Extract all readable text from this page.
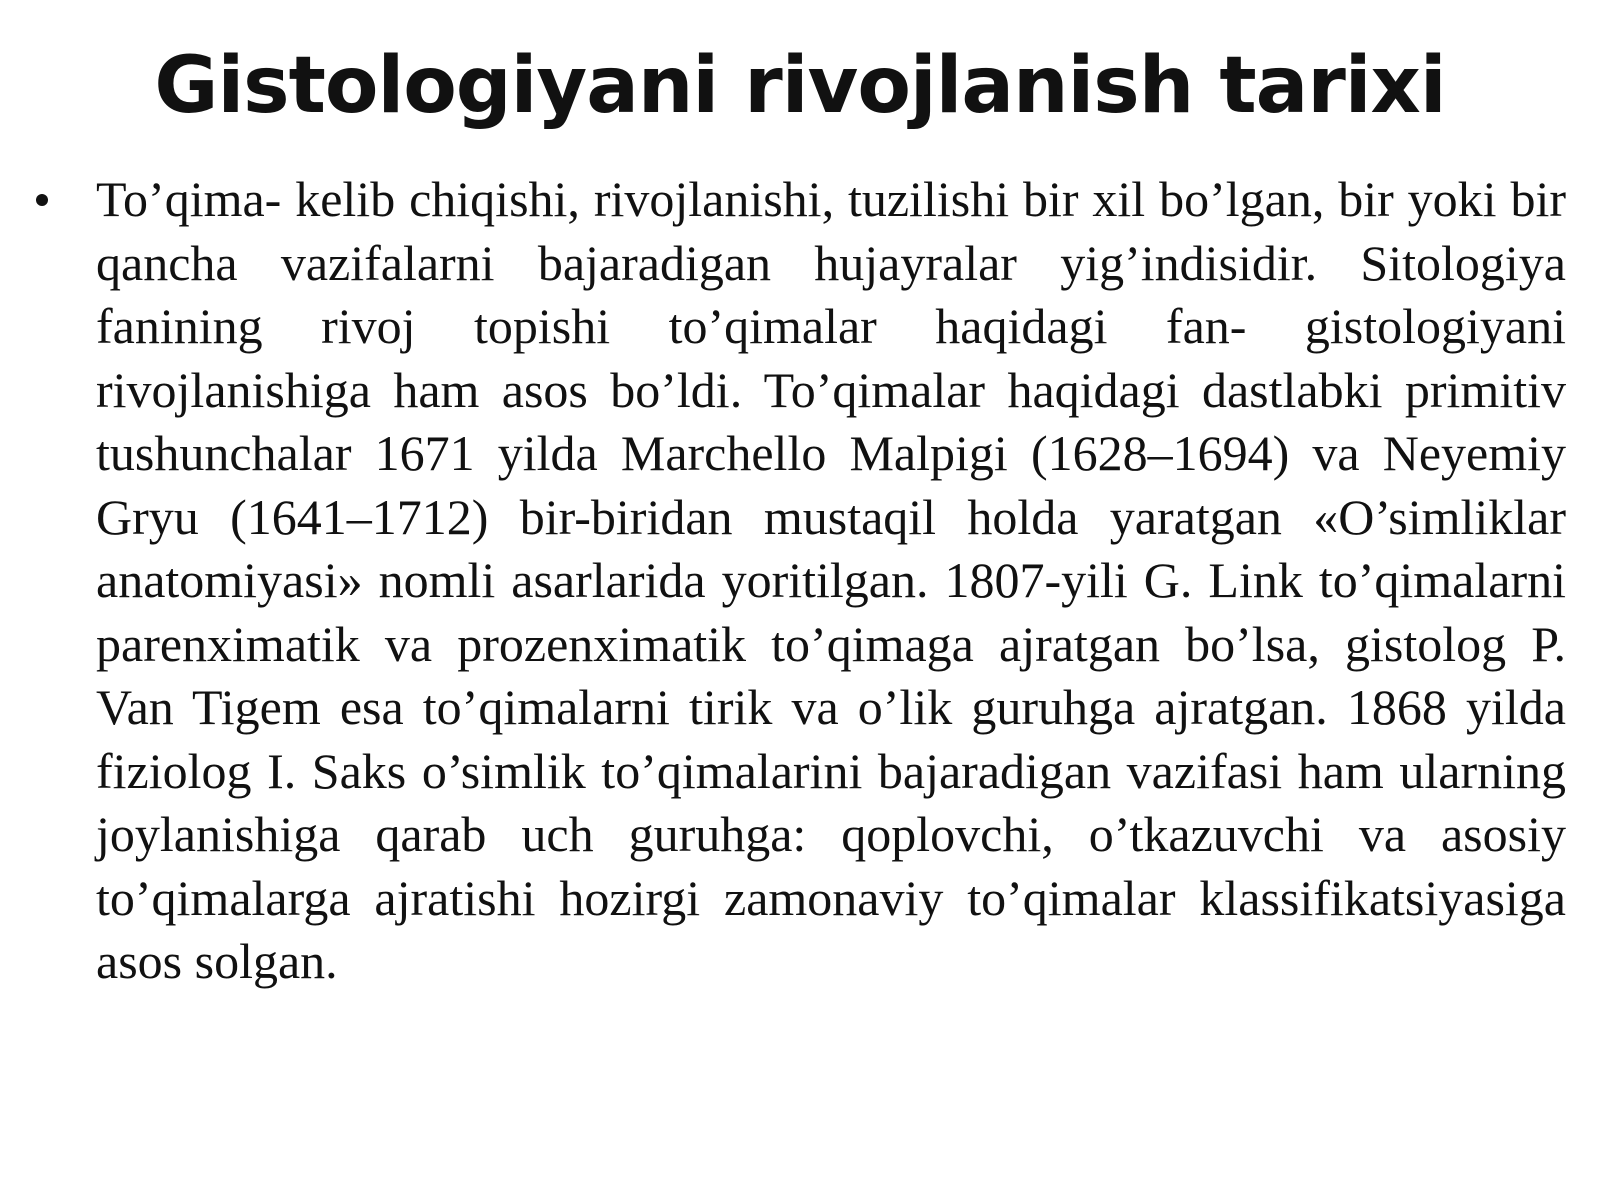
Gistologiyani rivojlanish tarixi
To’qima- kelib chiqishi, rivojlanishi, tuzilishi bir xil bo’lgan, bir yoki bir qancha vazifalarni bajaradigan hujayralar yig’indisidir. Sitologiya fanining rivoj topishi to’qimalar haqidagi fan- gistologiyani rivojlanishiga ham asos bo’ldi. To’qimalar haqidagi dastlabki primitiv tushunchalar 1671 yilda Marchello Malpigi (1628–1694) va Neyemiy Gryu (1641–1712) bir-biridan mustaqil holda yaratgan «O’simliklar anatomiyasi» nomli asarlarida yoritilgan. 1807-yili G. Link to’qimalarni parenximatik va prozenximatik to’qimaga ajratgan bo’lsa, gistolog P. Van Tigem esa to’qimalarni tirik va o’lik guruhga ajratgan. 1868 yilda fiziolog I. Saks o’simlik to’qimalarini bajaradigan vazifasi ham ularning joylanishiga qarab uch guruhga: qoplovchi, o’tkazuvchi va asosiy to’qimalarga ajratishi hozirgi zamonaviy to’qimalar klassifikatsiyasiga asos solgan.
